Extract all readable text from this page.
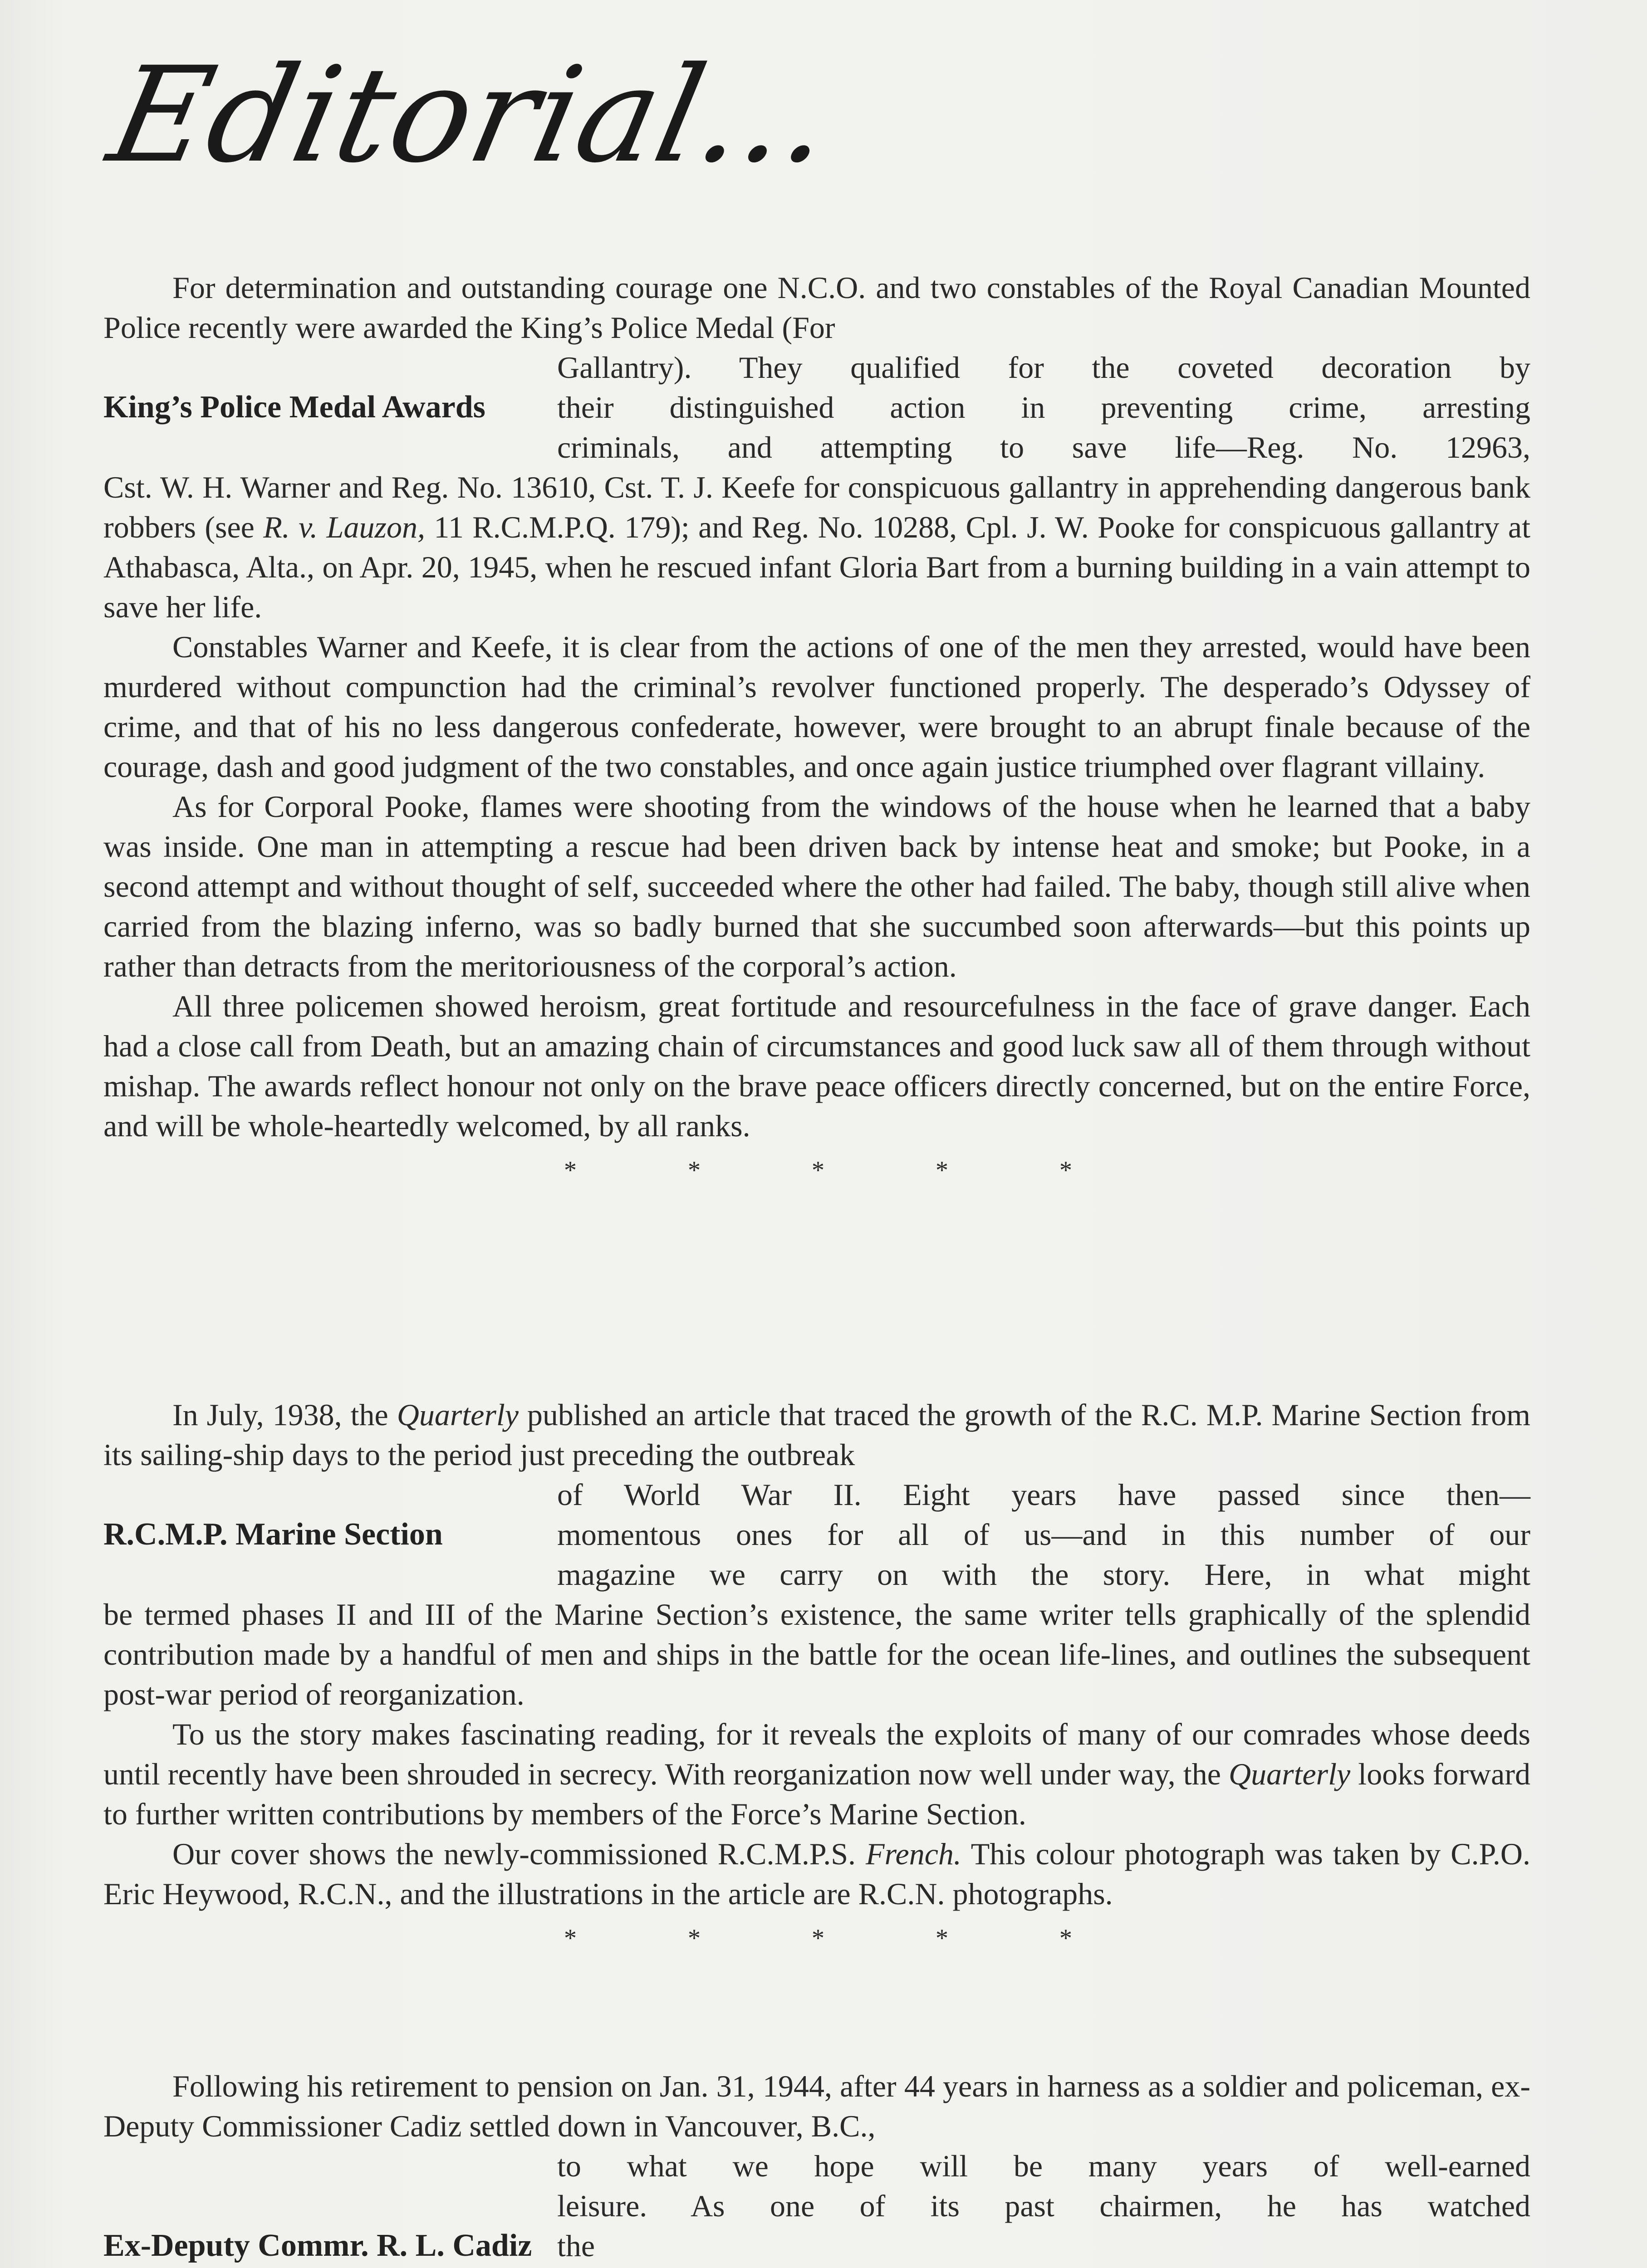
Editorial...

For determination and outstanding courage one N.C.O. and two constables of the Royal Canadian Mounted Police recently were awarded the King’s Police Medal (For

King’s Police Medal Awards
Gallantry). They qualified for the coveted decoration by
their distinguished action in preventing crime, arresting
criminals, and attempting to save life—Reg. No. 12963,

Cst. W. H. Warner and Reg. No. 13610, Cst. T. J. Keefe for conspicuous gallantry in apprehending dangerous bank robbers (see R. v. Lauzon, 11 R.C.M.P.Q. 179); and Reg. No. 10288, Cpl. J. W. Pooke for conspicuous gallantry at Athabasca, Alta., on Apr. 20, 1945, when he rescued infant Gloria Bart from a burning building in a vain attempt to save her life.

Constables Warner and Keefe, it is clear from the actions of one of the men they arrested, would have been murdered without compunction had the criminal’s revolver functioned properly. The desperado’s Odyssey of crime, and that of his no less dangerous confederate, however, were brought to an abrupt finale because of the courage, dash and good judgment of the two constables, and once again justice triumphed over flagrant villainy.

As for Corporal Pooke, flames were shooting from the windows of the house when he learned that a baby was inside. One man in attempting a rescue had been driven back by intense heat and smoke; but Pooke, in a second attempt and without thought of self, succeeded where the other had failed. The baby, though still alive when carried from the blazing inferno, was so badly burned that she succumbed soon afterwards—but this points up rather than detracts from the meritoriousness of the corporal’s action.

All three policemen showed heroism, great fortitude and resourcefulness in the face of grave danger. Each had a close call from Death, but an amazing chain of circumstances and good luck saw all of them through without mishap. The awards reflect honour not only on the brave peace officers directly concerned, but on the entire Force, and will be whole-heartedly welcomed, by all ranks.

*	*	*	*	*

In July, 1938, the Quarterly published an article that traced the growth of the R.C. M.P. Marine Section from its sailing-ship days to the period just preceding the outbreak

R.C.M.P. Marine Section
of World War II. Eight years have passed since then—
momentous ones for all of us—and in this number of our
magazine we carry on with the story. Here, in what might

be termed phases II and III of the Marine Section’s existence, the same writer tells graphically of the splendid contribution made by a handful of men and ships in the battle for the ocean life-lines, and outlines the subsequent post-war period of reorganization.

To us the story makes fascinating reading, for it reveals the exploits of many of our comrades whose deeds until recently have been shrouded in secrecy. With reorganization now well under way, the Quarterly looks forward to further written contributions by members of the Force’s Marine Section.

Our cover shows the newly-commissioned R.C.M.P.S. French. This colour photograph was taken by C.P.O. Eric Heywood, R.C.N., and the illustrations in the article are R.C.N. photographs.

*	*	*	*	*

Following his retirement to pension on Jan. 31, 1944, after 44 years in harness as a soldier and policeman, ex-Deputy Commissioner Cadiz settled down in Vancouver, B.C.,

Ex-Deputy Commr. R. L. Cadiz
to what we hope will be many years of well-earned
leisure. As one of its past chairmen, he has watched
the
